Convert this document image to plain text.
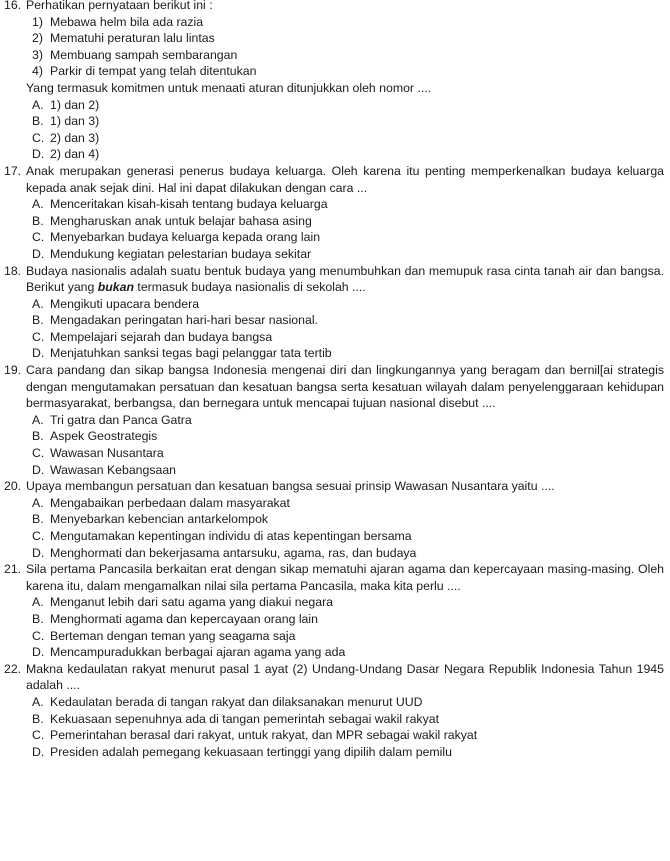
16. Perhatikan pernyataan berikut ini :
1) Mebawa helm bila ada razia
2) Mematuhi peraturan lalu lintas
3) Membuang sampah sembarangan
4) Parkir di tempat yang telah ditentukan
Yang termasuk komitmen untuk menaati aturan ditunjukkan oleh nomor ....
A. 1) dan 2)
B. 1) dan 3)
C. 2) dan 3)
D. 2) dan 4)
17. Anak merupakan generasi penerus budaya keluarga. Oleh karena itu penting memperkenalkan budaya keluarga kepada anak sejak dini. Hal ini dapat dilakukan dengan cara ...
A. Menceritakan kisah-kisah tentang budaya keluarga
B. Mengharuskan anak untuk belajar bahasa asing
C. Menyebarkan budaya keluarga kepada orang lain
D. Mendukung kegiatan pelestarian budaya sekitar
18. Budaya nasionalis adalah suatu bentuk budaya yang menumbuhkan dan memupuk rasa cinta tanah air dan bangsa. Berikut yang bukan termasuk budaya nasionalis di sekolah ....
A. Mengikuti upacara bendera
B. Mengadakan peringatan hari-hari besar nasional.
C. Mempelajari sejarah dan budaya bangsa
D. Menjatuhkan sanksi tegas bagi pelanggar tata tertib
19. Cara pandang dan sikap bangsa Indonesia mengenai diri dan lingkungannya yang beragam dan bernil[ai strategis dengan mengutamakan persatuan dan kesatuan bangsa serta kesatuan wilayah dalam penyelenggaraan kehidupan bermasyarakat, berbangsa, dan bernegara untuk mencapai tujuan nasional disebut ....
A. Tri gatra dan Panca Gatra
B. Aspek Geostrategis
C. Wawasan Nusantara
D. Wawasan Kebangsaan
20. Upaya membangun persatuan dan kesatuan bangsa sesuai prinsip Wawasan Nusantara yaitu ....
A. Mengabaikan perbedaan dalam masyarakat
B. Menyebarkan kebencian antarkelompok
C. Mengutamakan kepentingan individu di atas kepentingan bersama
D. Menghormati dan bekerjasama antarsuku, agama, ras, dan budaya
21. Sila pertama Pancasila berkaitan erat dengan sikap mematuhi ajaran agama dan kepercayaan masing-masing. Oleh karena itu, dalam mengamalkan nilai sila pertama Pancasila, maka kita perlu ....
A. Menganut lebih dari satu agama yang diakui negara
B. Menghormati agama dan kepercayaan orang lain
C. Berteman dengan teman yang seagama saja
D. Mencampuradukkan berbagai ajaran agama yang ada
22. Makna kedaulatan rakyat menurut pasal 1 ayat (2) Undang-Undang Dasar Negara Republik Indonesia Tahun 1945 adalah ....
A. Kedaulatan berada di tangan rakyat dan dilaksanakan menurut UUD
B. Kekuasaan sepenuhnya ada di tangan pemerintah sebagai wakil rakyat
C. Pemerintahan berasal dari rakyat, untuk rakyat, dan MPR sebagai wakil rakyat
D. Presiden adalah pemegang kekuasaan tertinggi yang dipilih dalam pemilu
